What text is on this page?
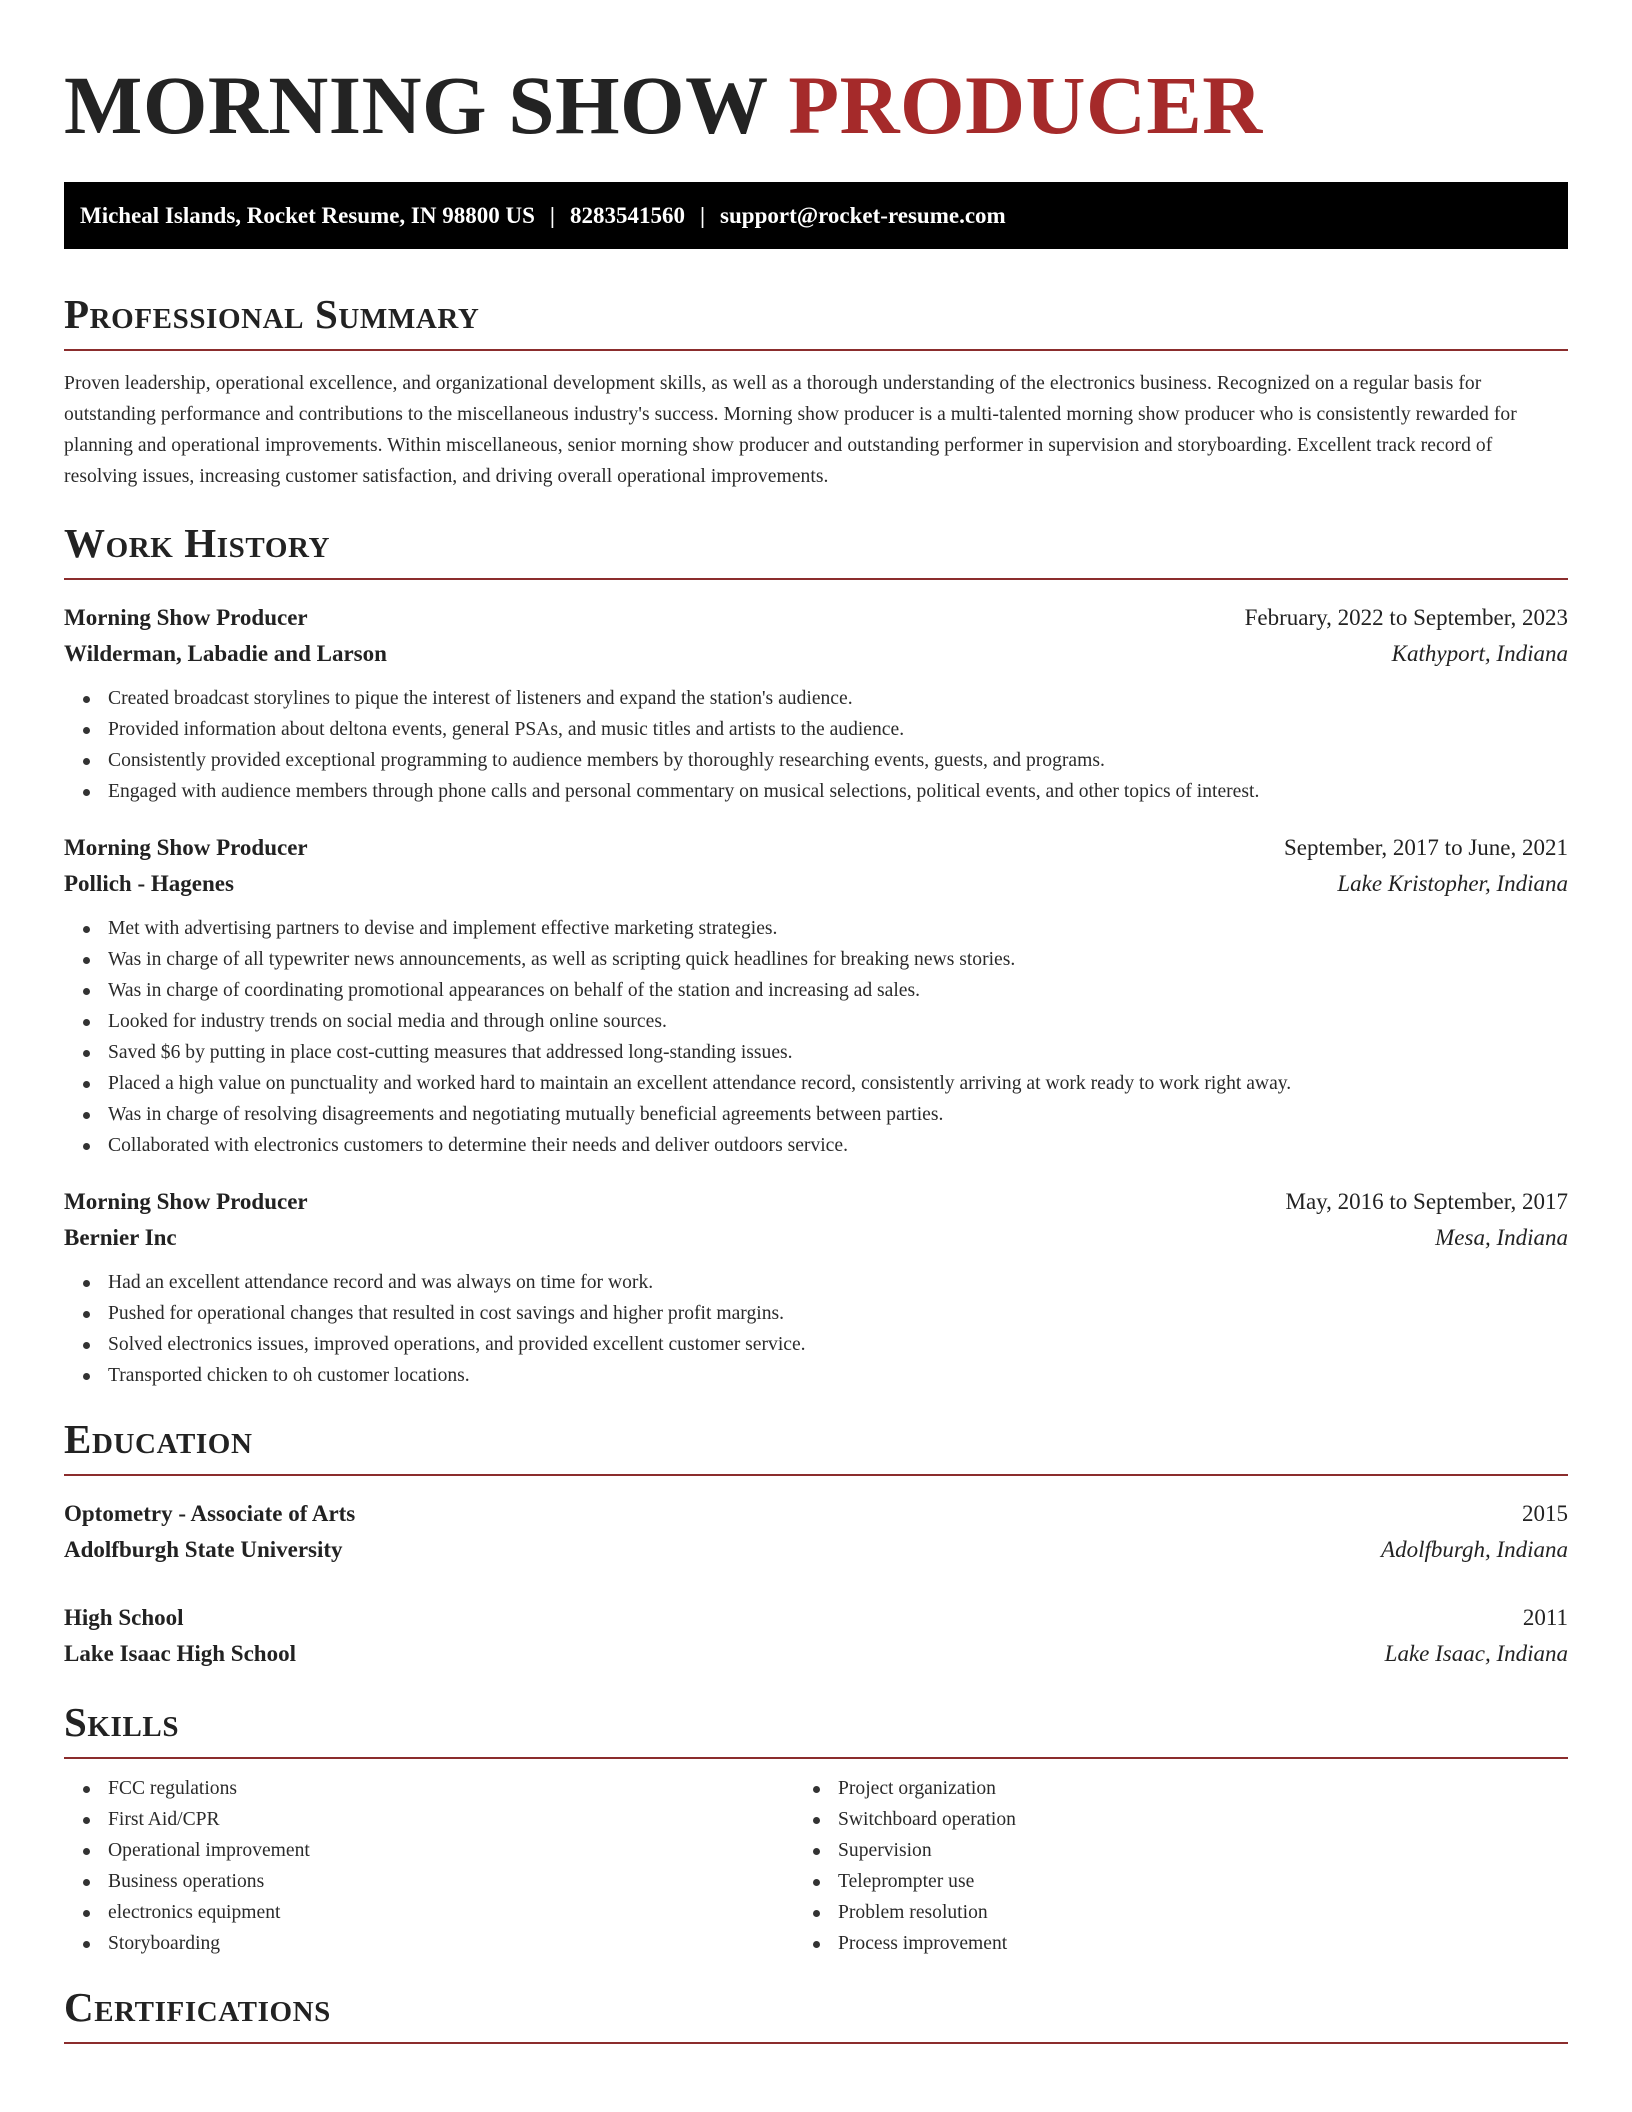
MORNING SHOW PRODUCER
Micheal Islands, Rocket Resume, IN 98800 US | 8283541560 | support@rocket-resume.com
Professional Summary

Proven leadership, operational excellence, and organizational development skills, as well as a thorough understanding of the electronics business. Recognized on a regular basis for outstanding performance and contributions to the miscellaneous industry's success. Morning show producer is a multi-talented morning show producer who is consistently rewarded for planning and operational improvements. Within miscellaneous, senior morning show producer and outstanding performer in supervision and storyboarding. Excellent track record of resolving issues, increasing customer satisfaction, and driving overall operational improvements.

Work History
Morning Show Producer	February, 2022 to September, 2023
Wilderman, Labadie and Larson	Kathyport, Indiana
Created broadcast storylines to pique the interest of listeners and expand the station's audience.
Provided information about deltona events, general PSAs, and music titles and artists to the audience.
Consistently provided exceptional programming to audience members by thoroughly researching events, guests, and programs.
Engaged with audience members through phone calls and personal commentary on musical selections, political events, and other topics of interest.
Morning Show Producer	September, 2017 to June, 2021
Pollich - Hagenes	Lake Kristopher, Indiana
Met with advertising partners to devise and implement effective marketing strategies.
Was in charge of all typewriter news announcements, as well as scripting quick headlines for breaking news stories.
Was in charge of coordinating promotional appearances on behalf of the station and increasing ad sales.
Looked for industry trends on social media and through online sources.
Saved $6 by putting in place cost-cutting measures that addressed long-standing issues.
Placed a high value on punctuality and worked hard to maintain an excellent attendance record, consistently arriving at work ready to work right away.
Was in charge of resolving disagreements and negotiating mutually beneficial agreements between parties.
Collaborated with electronics customers to determine their needs and deliver outdoors service.
Morning Show Producer	May, 2016 to September, 2017
Bernier Inc	Mesa, Indiana
Had an excellent attendance record and was always on time for work.
Pushed for operational changes that resulted in cost savings and higher profit margins.
Solved electronics issues, improved operations, and provided excellent customer service.
Transported chicken to oh customer locations.
Education
Optometry - Associate of Arts	2015
Adolfburgh State University	Adolfburgh, Indiana
High School	2011
Lake Isaac High School	Lake Isaac, Indiana
Skills
FCC regulations
First Aid/CPR
Operational improvement
Business operations
electronics equipment
Storyboarding
Project organization
Switchboard operation
Supervision
Teleprompter use
Problem resolution
Process improvement
Certifications
